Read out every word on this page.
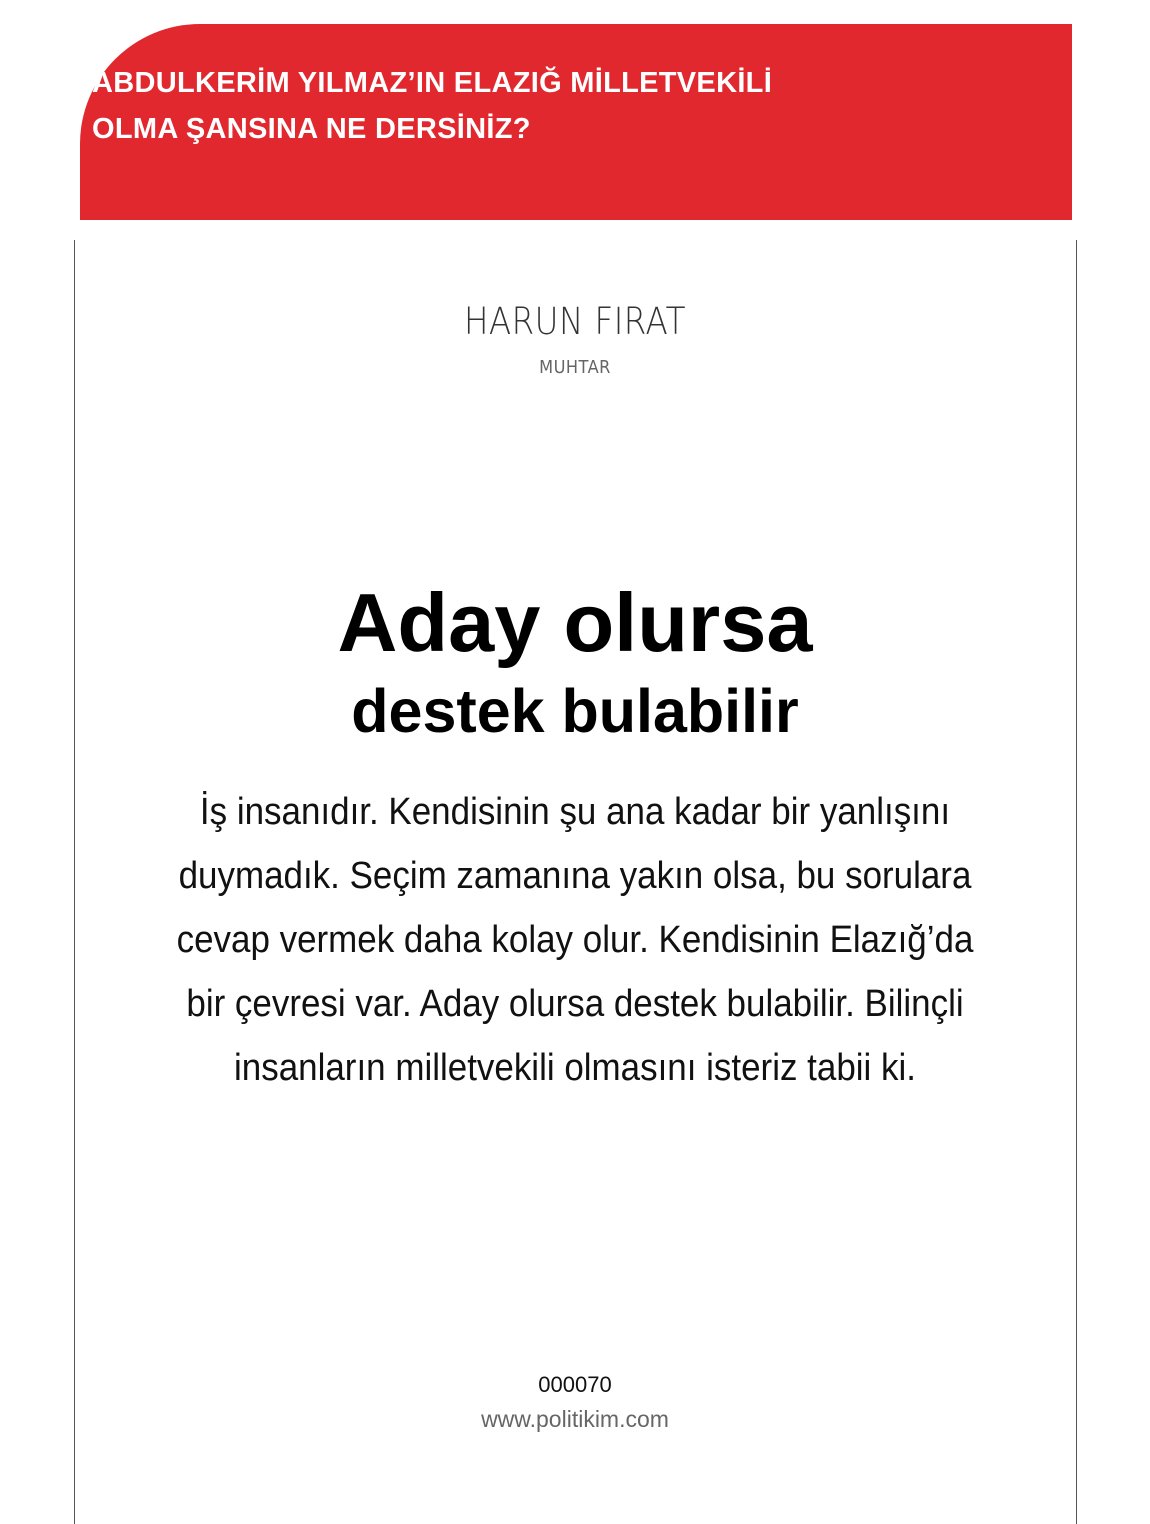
ABDULKERİM YILMAZ’IN ELAZIĞ MİLLETVEKİLİ
OLMA ŞANSINA NE DERSİNİZ?

HARUN FIRAT
MUHTAR
Aday olursa
destek bulabilir

İş insanıdır. Kendisinin şu ana kadar bir yanlışını
duymadık. Seçim zamanına yakın olsa, bu sorulara
cevap vermek daha kolay olur. Kendisinin Elazığ’da
bir çevresi var. Aday olursa destek bulabilir. Bilinçli
insanların milletvekili olmasını isteriz tabii ki.

000070
www.politikim.com
